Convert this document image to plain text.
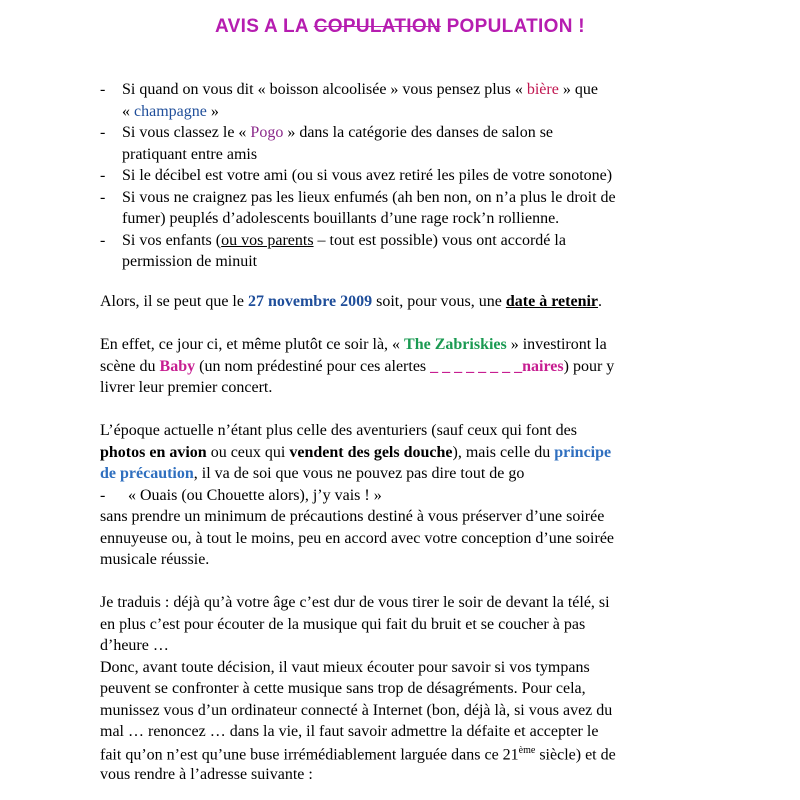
AVIS A LA COPULATION POPULATION !
- Si quand on vous dit « boisson alcoolisée » vous pensez plus « bière » que
« champagne »
- Si vous classez le « Pogo » dans la catégorie des danses de salon se
pratiquant entre amis
- Si le décibel est votre ami (ou si vous avez retiré les piles de votre sonotone)
- Si vous ne craignez pas les lieux enfumés (ah ben non, on n’a plus le droit de
fumer) peuplés d’adolescents bouillants d’une rage rock’n rollienne.
- Si vos enfants (ou vos parents – tout est possible) vous ont accordé la
permission de minuit
Alors, il se peut que le 27 novembre 2009 soit, pour vous, une date à retenir.
En effet, ce jour ci, et même plutôt ce soir là, « The Zabriskies » investiront la
scène du Baby (un nom prédestiné pour ces alertes _ _ _ _ _ _ _ _naires) pour y
livrer leur premier concert.
L’époque actuelle n’étant plus celle des aventuriers (sauf ceux qui font des
photos en avion ou ceux qui vendent des gels douche), mais celle du principe
de précaution, il va de soi que vous ne pouvez pas dire tout de go
- « Ouais (ou Chouette alors), j’y vais ! »
sans prendre un minimum de précautions destiné à vous préserver d’une soirée
ennuyeuse ou, à tout le moins, peu en accord avec votre conception d’une soirée
musicale réussie.
Je traduis : déjà qu’à votre âge c’est dur de vous tirer le soir de devant la télé, si
en plus c’est pour écouter de la musique qui fait du bruit et se coucher à pas
d’heure …
Donc, avant toute décision, il vaut mieux écouter pour savoir si vos tympans
peuvent se confronter à cette musique sans trop de désagréments. Pour cela,
munissez vous d’un ordinateur connecté à Internet (bon, déjà là, si vous avez du
mal … renoncez … dans la vie, il faut savoir admettre la défaite et accepter le
fait qu’on n’est qu’une buse irrémédiablement larguée dans ce 21ème siècle) et de
vous rendre à l’adresse suivante :
